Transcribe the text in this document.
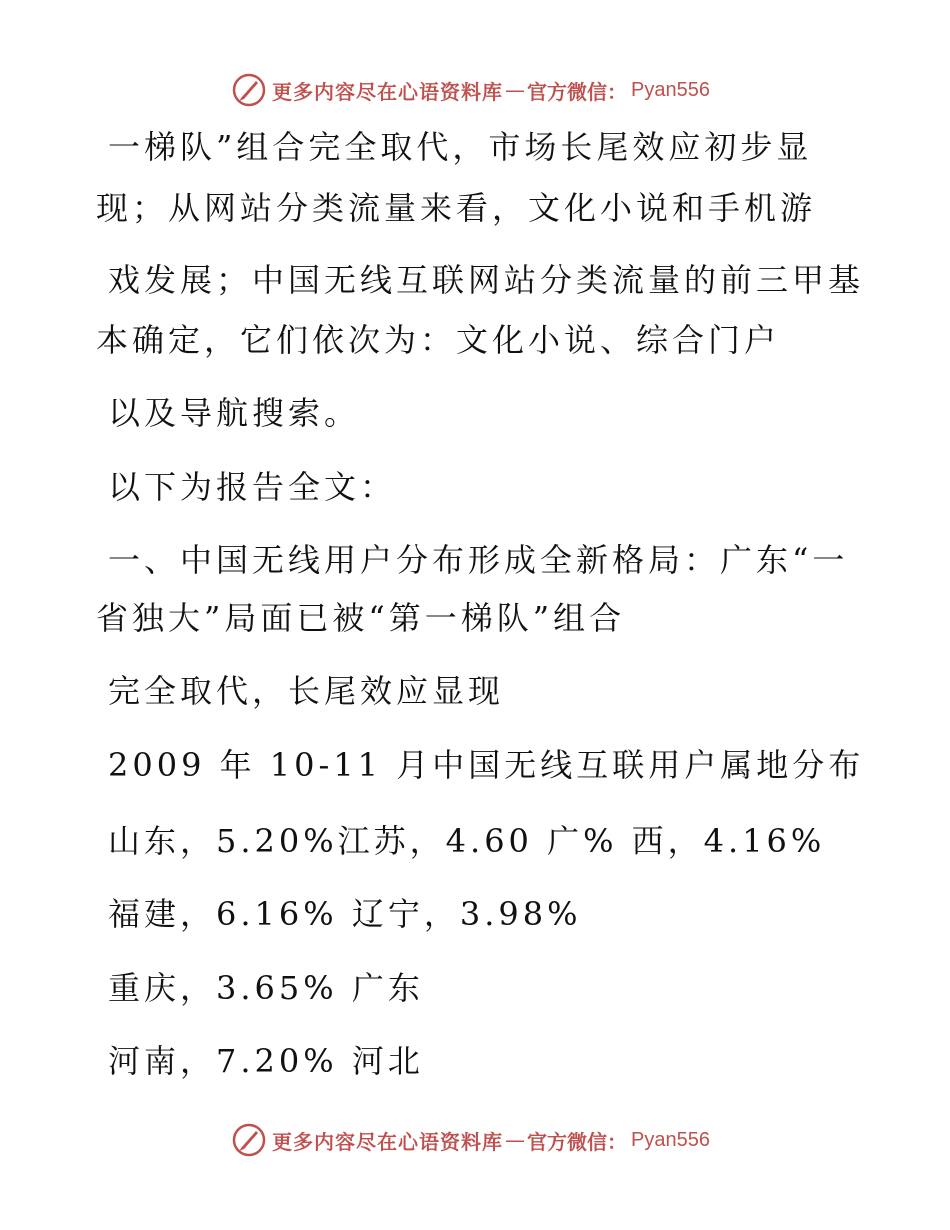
更多内容尽在心语资料库 — 官方微信： Pyan556
一梯队”组合完全取代，市场长尾效应初步显
现；从网站分类流量来看，文化小说和手机游
戏发展；中国无线互联网站分类流量的前三甲基
本确定，它们依次为：文化小说、综合门户
以及导航搜索。
以下为报告全文：
一、中国无线用户分布形成全新格局：广东“一
省独大”局面已被“第一梯队”组合
完全取代，长尾效应显现
2009 年 10-11 月中国无线互联用户属地分布
山东，5.20%江苏，4.60 广% 西，4.16%
福建，6.16% 辽宁，3.98%
重庆，3.65% 广东
河南，7.20% 河北
更多内容尽在心语资料库 — 官方微信： Pyan556
